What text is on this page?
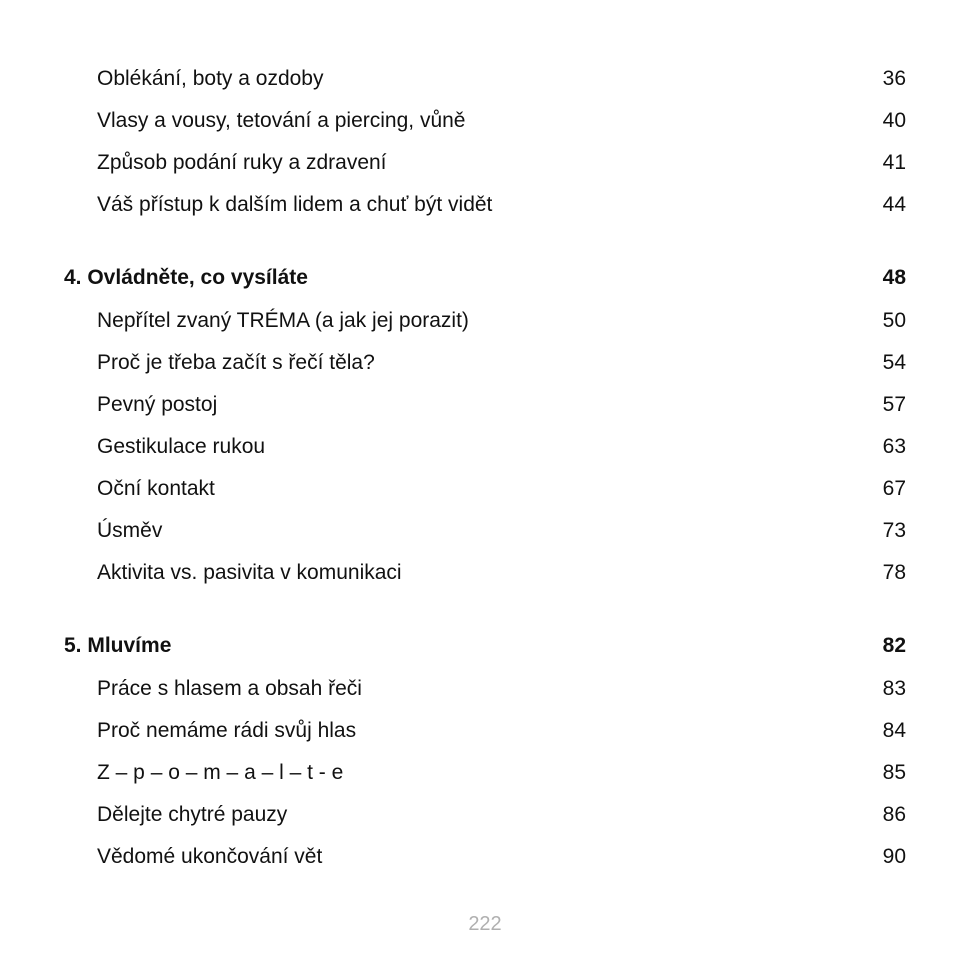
Oblékání, boty a ozdoby	36
Vlasy a vousy, tetování a piercing, vůně	40
Způsob podání ruky a zdravení	41
Váš přístup k dalším lidem a chuť být vidět	44
4. Ovládněte, co vysíláte	48
Nepřítel zvaný TRÉMA (a jak jej porazit)	50
Proč je třeba začít s řečí těla?	54
Pevný postoj	57
Gestikulace rukou	63
Oční kontakt	67
Úsměv	73
Aktivita vs. pasivita v komunikaci	78
5. Mluvíme	82
Práce s hlasem a obsah řeči	83
Proč nemáme rádi svůj hlas	84
Z – p – o – m – a – l – t - e	85
Dělejte chytré pauzy	86
Vědomé ukončování vět	90
222
